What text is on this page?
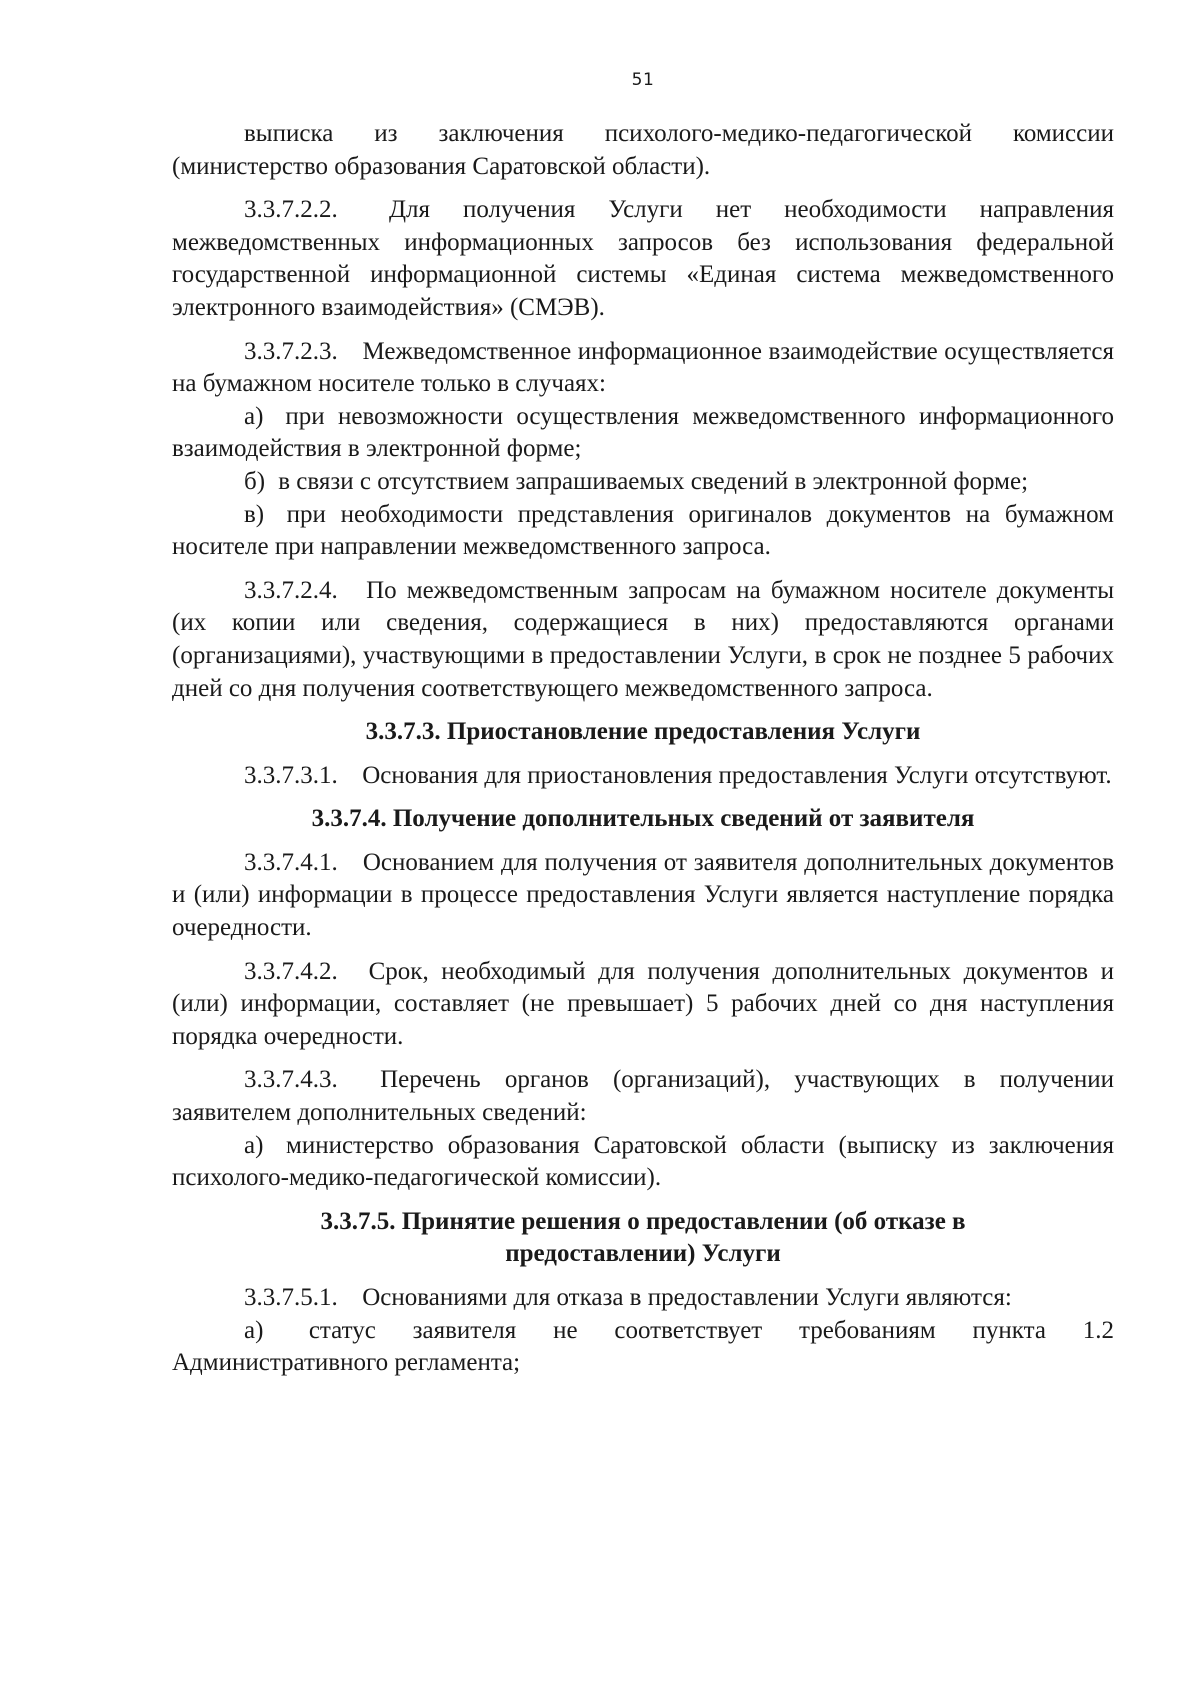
51

выписка из заключения психолого-медико-педагогической комиссии (министерство образования Саратовской области).

3.3.7.2.2. Для получения Услуги нет необходимости направления межведомственных информационных запросов без использования федеральной государственной информационной системы «Единая система межведомственного электронного взаимодействия» (СМЭВ).

3.3.7.2.3. Межведомственное информационное взаимодействие осуществляется на бумажном носителе только в случаях:

а) при невозможности осуществления межведомственного информационного взаимодействия в электронной форме;

б) в связи с отсутствием запрашиваемых сведений в электронной форме;

в) при необходимости представления оригиналов документов на бумажном носителе при направлении межведомственного запроса.

3.3.7.2.4. По межведомственным запросам на бумажном носителе документы (их копии или сведения, содержащиеся в них) предоставляются органами (организациями), участвующими в предоставлении Услуги, в срок не позднее 5 рабочих дней со дня получения соответствующего межведомственного запроса.

3.3.7.3. Приостановление предоставления Услуги

3.3.7.3.1. Основания для приостановления предоставления Услуги отсутствуют.

3.3.7.4. Получение дополнительных сведений от заявителя

3.3.7.4.1. Основанием для получения от заявителя дополнительных документов и (или) информации в процессе предоставления Услуги является наступление порядка очередности.

3.3.7.4.2. Срок, необходимый для получения дополнительных документов и (или) информации, составляет (не превышает) 5 рабочих дней со дня наступления порядка очередности.

3.3.7.4.3. Перечень органов (организаций), участвующих в получении заявителем дополнительных сведений:

а) министерство образования Саратовской области (выписку из заключения психолого-медико-педагогической комиссии).

3.3.7.5. Принятие решения о предоставлении (об отказе в предоставлении) Услуги

3.3.7.5.1. Основаниями для отказа в предоставлении Услуги являются:

а) статус заявителя не соответствует требованиям пункта 1.2 Административного регламента;
